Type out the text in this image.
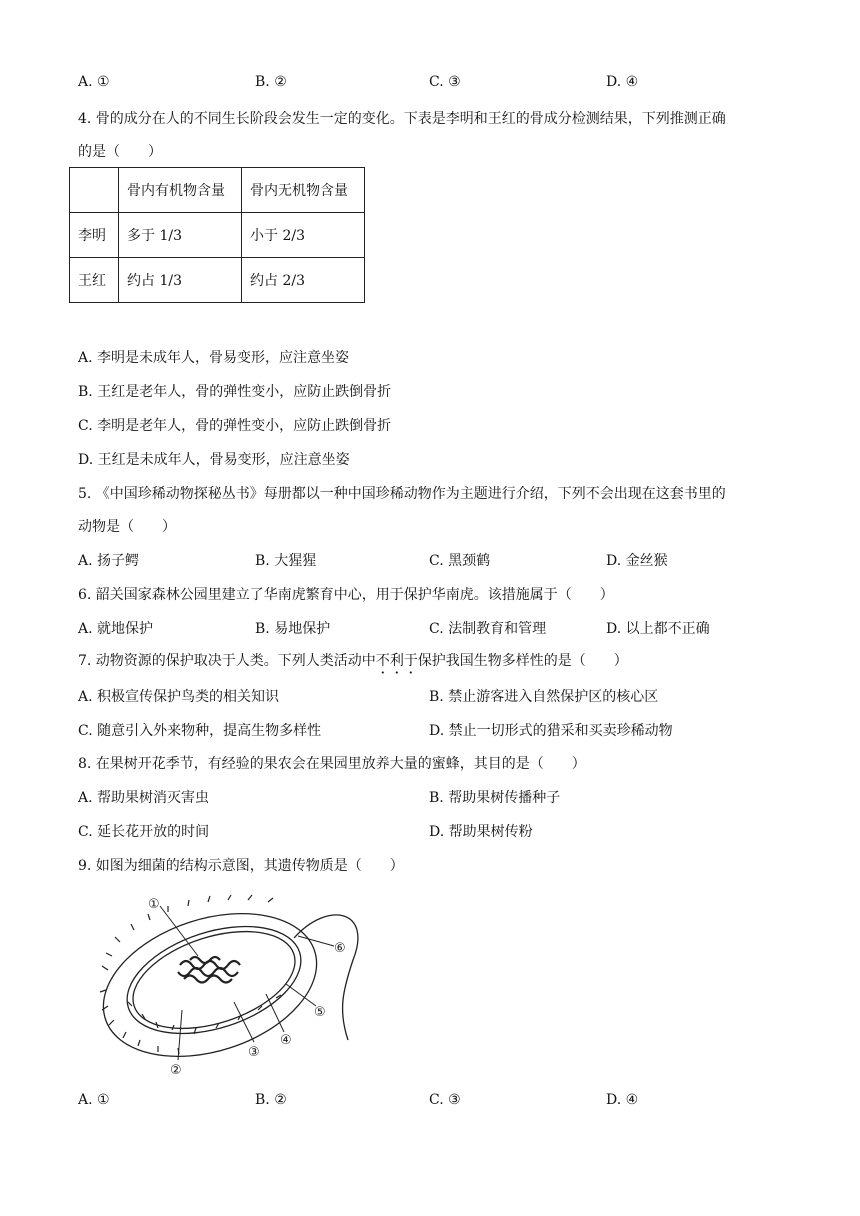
A. ①	B. ②	C. ③	D. ④
4. 骨的成分在人的不同生长阶段会发生一定的变化。下表是李明和王红的骨成分检测结果，下列推测正确
的是（　　）
	骨内有机物含量	骨内无机物含量
李明	多于 1/3	小于 2/3
王红	约占 1/3	约占 2/3
A. 李明是未成年人，骨易变形，应注意坐姿
B. 王红是老年人，骨的弹性变小，应防止跌倒骨折
C. 李明是老年人，骨的弹性变小，应防止跌倒骨折
D. 王红是未成年人，骨易变形，应注意坐姿
5. 《中国珍稀动物探秘丛书》每册都以一种中国珍稀动物作为主题进行介绍，下列不会出现在这套书里的
动物是（　　）
A. 扬子鳄	B. 大猩猩	C. 黑颈鹤	D. 金丝猴
6. 韶关国家森林公园里建立了华南虎繁育中心，用于保护华南虎。该措施属于（　　）
A. 就地保护	B. 易地保护	C. 法制教育和管理	D. 以上都不正确
7. 动物资源的保护取决于人类。下列人类活动中不利于保护我国生物多样性的是（　　）
A. 积极宣传保护鸟类的相关知识	B. 禁止游客进入自然保护区的核心区
C. 随意引入外来物种，提高生物多样性	D. 禁止一切形式的猎采和买卖珍稀动物
8. 在果树开花季节，有经验的果农会在果园里放养大量的蜜蜂，其目的是（　　）
A. 帮助果树消灭害虫	B. 帮助果树传播种子
C. 延长花开放的时间	D. 帮助果树传粉
9. 如图为细菌的结构示意图，其遗传物质是（　　）
①
②
③
④
⑤
⑥
A. ①	B. ②	C. ③	D. ④
